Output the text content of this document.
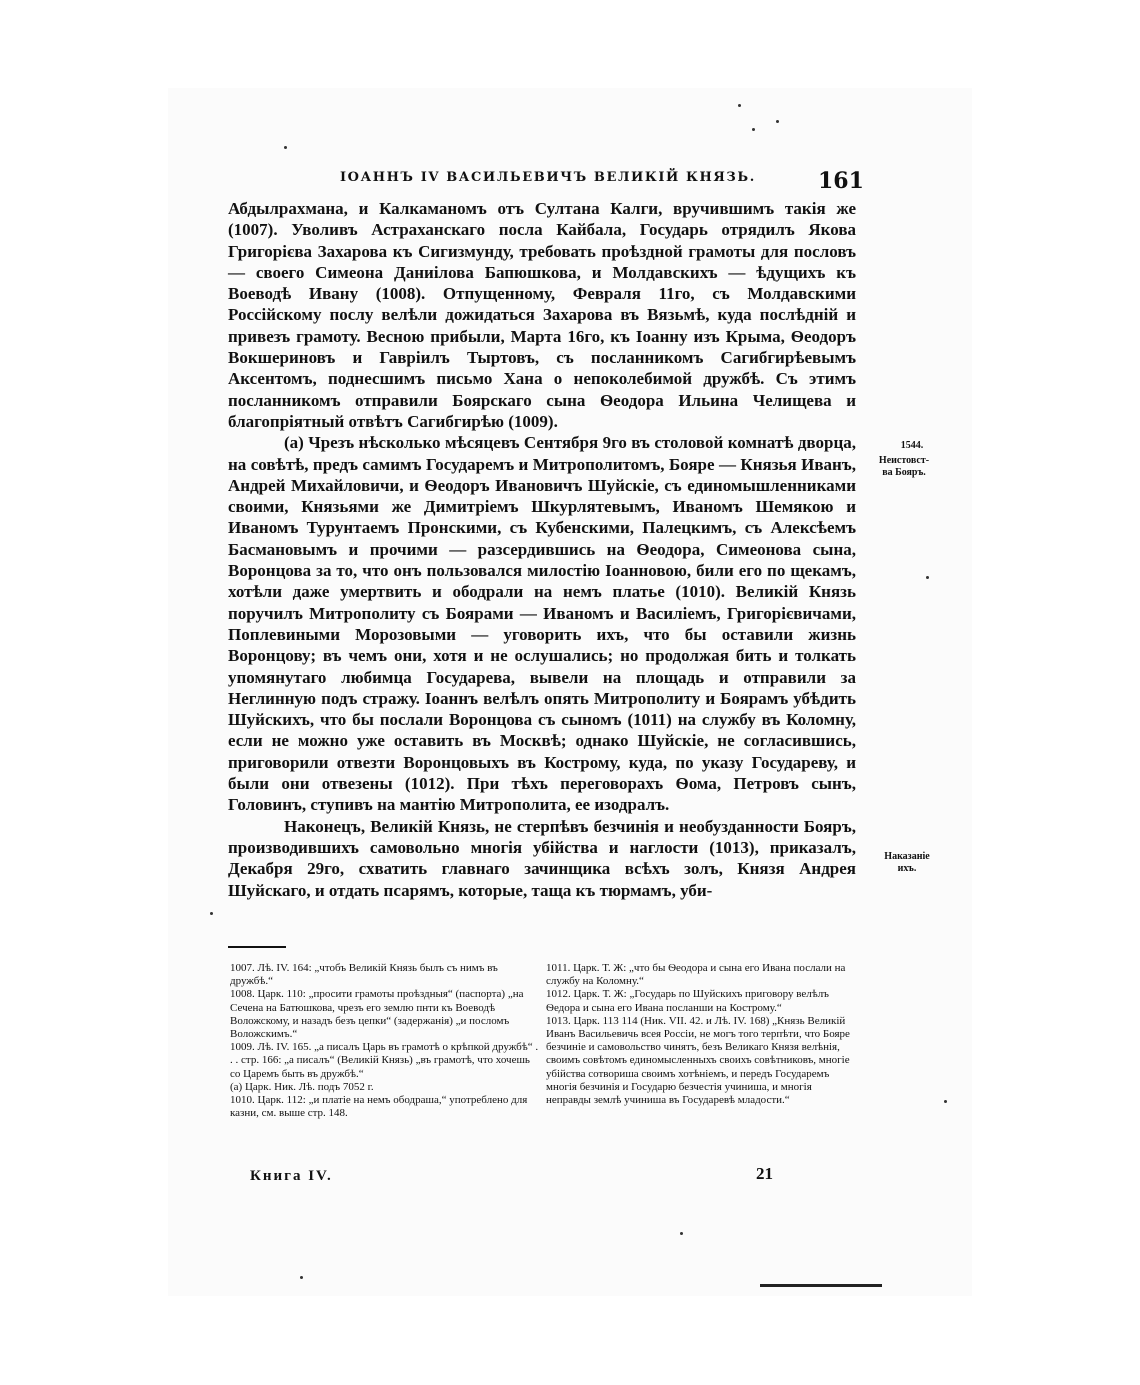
ІОАННЪ IV ВАСИЛЬЕВИЧЪ ВЕЛИКІЙ КНЯЗЬ.	161

Абдылрахмана, и Калкаманомъ отъ Султана Калги, вручившимъ такія же (1007). Уволивъ Астраханскаго посла Кайбала, Государь отрядилъ Якова Григорієва Захарова къ Сигизмунду, требовать проѣздной грамоты для пословъ — своего Симеона Даниілова Бапюшкова, и Молдавскихъ — ѣдущихъ къ Воеводѣ Ивану (1008). Отпущенному, Февраля 11го, съ Молдавскими Россійскому послу велѣли дожидаться Захарова въ Вязьмѣ, куда послѣдній и привезъ грамоту. Весною прибыли, Марта 16го, къ Іоанну изъ Крыма, Ѳеодоръ Вокшериновъ и Гавріилъ Тыртовъ, съ посланникомъ Сагибгирѣевымъ Аксентомъ, поднесшимъ письмо Хана о непоколебимой дружбѣ. Съ этимъ посланникомъ отправили Боярскаго сына Ѳеодора Ильина Челищева и благопріятный отвѣтъ Сагибгирѣю (1009).

(а) Чрезъ нѣсколько мѣсяцевъ Сентября 9го въ столовой комнатѣ дворца, на совѣтѣ, предъ самимъ Государемъ и Митрополитомъ, Бояре — Князья Иванъ, Андрей Михайловичи, и Ѳеодоръ Ивановичъ Шуйскіе, съ единомышленниками своими, Князьями же Димитріемъ Шкурлятевымъ, Иваномъ Шемякою и Иваномъ Турунтаемъ Пронскими, съ Кубенскими, Палецкимъ, съ Алексѣемъ Басмановымъ и прочими — разсердившись на Ѳеодора, Симеонова сына, Воронцова за то, что онъ пользовался милостію Іоанновою, били его по щекамъ, хотѣли даже умертвить и ободрали на немъ платье (1010). Великій Князь поручилъ Митрополиту съ Боярами — Иваномъ и Василіемъ, Григорієвичами, Поплевиными Морозовыми — уговорить ихъ, что бы оставили жизнь Воронцову; въ чемъ они, хотя и не ослушались; но продолжая бить и толкать упомянутаго любимца Государева, вывели на площадь и отправили за Неглинную подъ стражу. Іоаннъ велѣлъ опять Митрополиту и Боярамъ убѣдить Шуйскихъ, что бы послали Воронцова съ сыномъ (1011) на службу въ Коломну, если не можно уже оставить въ Москвѣ; однако Шуйскіе, не согласившись, приговорили отвезти Воронцовыхъ въ Кострому, куда, по указу Государеву, и были они отвезены (1012). При тѣхъ переговорахъ Ѳома, Петровъ сынъ, Головинъ, ступивъ на мантію Митрополита, ее изодралъ.

Наконецъ, Великій Князь, не стерпѣвъ безчинія и необузданности Бояръ, производившихъ самовольно многія убійства и наглости (1013), приказалъ, Декабря 29го, схватить главнаго зачинщика всѣхъ золъ, Князя Андрея Шуйскаго, и отдать псарямъ, которые, таща къ тюрмамъ, уби-

1544.
Неистовст-
ва Бояръ.
Наказаніе
ихъ.

1007. Лѣ. IV. 164: „чтобъ Великій Князь былъ съ нимъ въ дружбѣ.“

1008. Царк. 110: „просити грамоты проѣздныя“ (паспорта) „на Сечена на Батюшкова, чрезъ его землю пнти къ Воеводѣ Воложскому, и назадъ безъ цепки“ (задержанія) „и посломъ Воложскимъ.“

1009. Лѣ. IV. 165. „а писалъ Царь въ грамотѣ о крѣпкой дружбѣ“ . . . стр. 166: „а писалъ“ (Великій Князь) „въ грамотѣ, что хочешь со Царемъ быть въ дружбѣ.“

(а) Царк. Ник. Лѣ. подъ 7052 г.

1010. Царк. 112: „и платіе на немъ ободраша,“ употреблено для казни, см. выше стр. 148.

1011. Царк. Т. Ж: „что бы Ѳеодора и сына его Ивана послали на службу на Коломну.“

1012. Царк. Т. Ж: „Государь по Шуйскихъ приговору велѣлъ Ѳедора и сына его Ивана посланши на Кострому.“

1013. Царк. 113 114 (Ник. VII. 42. и Лѣ. IV. 168) „Князь Великій Иванъ Васильевичь всея Россіи, не могъ того терпѣти, что Бояре безчиніе и самовольство чинятъ, безъ Великаго Князя велѣнія, своимъ совѣтомъ единомысленныхъ своихъ совѣтниковъ, многіе убійства сотвориша своимъ хотѣніемъ, и передъ Государемъ многія безчинія и Государю безчестія учиниша, и многія неправды землѣ учиниша въ Государевѣ младости.“

Книга IV.	21
